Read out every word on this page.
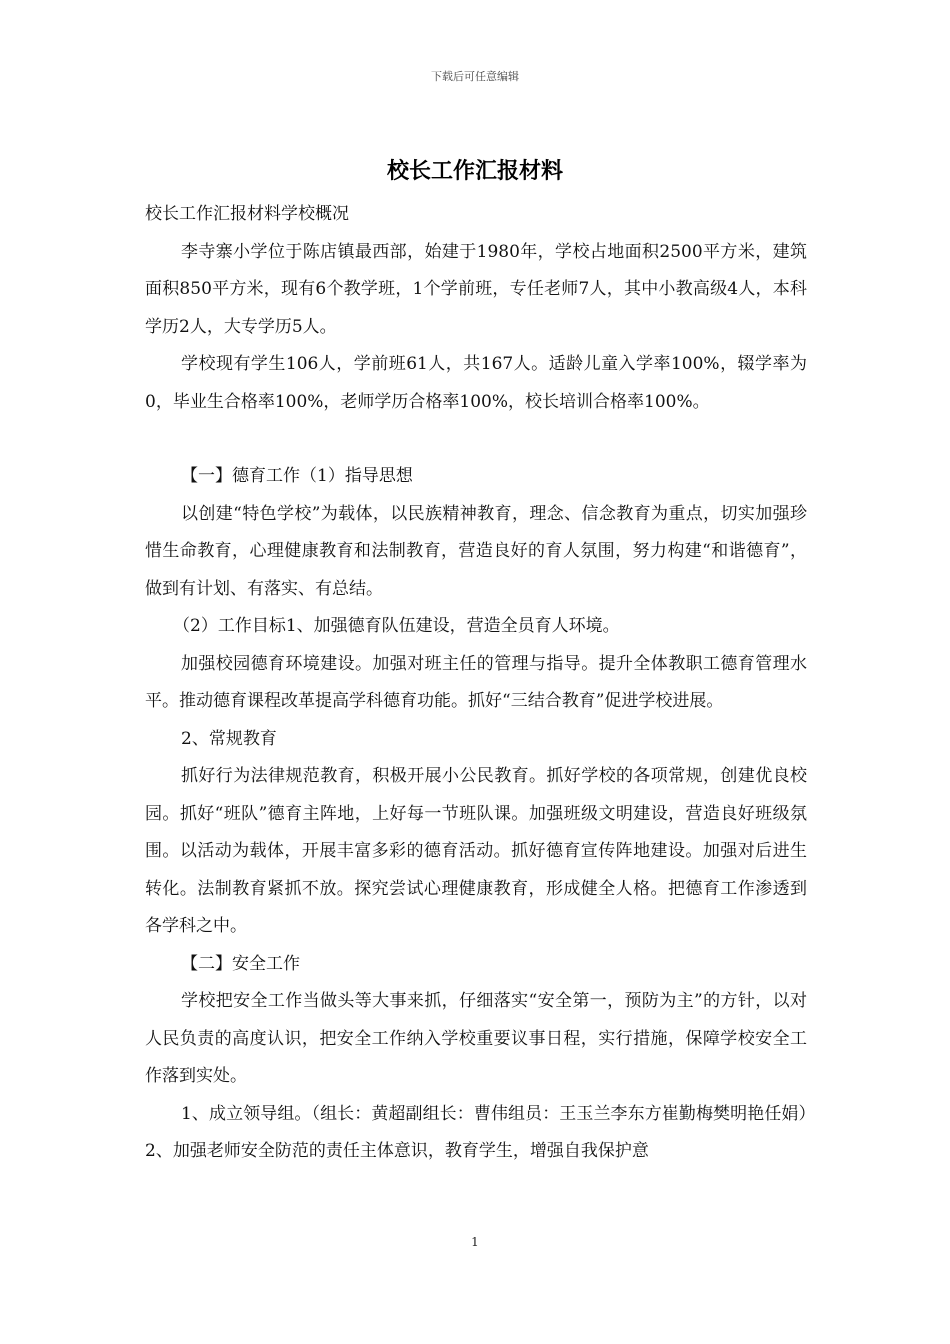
下载后可任意编辑
校长工作汇报材料

校长工作汇报材料学校概况

李寺寨小学位于陈店镇最西部，始建于1980年，学校占地面积2500平方米，建筑面积850平方米，现有6个教学班，1个学前班，专任老师7人，其中小教高级4人，本科学历2人，大专学历5人。

学校现有学生106人，学前班61人，共167人。适龄儿童入学率100%，辍学率为0，毕业生合格率100%，老师学历合格率100%，校长培训合格率100%。

【一】德育工作（1）指导思想

以创建“特色学校”为载体，以民族精神教育，理念、信念教育为重点，切实加强珍惜生命教育，心理健康教育和法制教育，营造良好的育人氛围，努力构建“和谐德育”，做到有计划、有落实、有总结。

（2）工作目标1、加强德育队伍建设，营造全员育人环境。

加强校园德育环境建设。加强对班主任的管理与指导。提升全体教职工德育管理水平。推动德育课程改革提高学科德育功能。抓好“三结合教育”促进学校进展。

2、常规教育

抓好行为法律规范教育，积极开展小公民教育。抓好学校的各项常规，创建优良校园。抓好“班队”德育主阵地，上好每一节班队课。加强班级文明建设，营造良好班级氛围。以活动为载体，开展丰富多彩的德育活动。抓好德育宣传阵地建设。加强对后进生转化。法制教育紧抓不放。探究尝试心理健康教育，形成健全人格。把德育工作渗透到各学科之中。

【二】安全工作

学校把安全工作当做头等大事来抓，仔细落实“安全第一，预防为主”的方针，以对人民负责的高度认识，把安全工作纳入学校重要议事日程，实行措施，保障学校安全工作落到实处。

1、成立领导组。（组长：黄超副组长：曹伟组员：王玉兰李东方崔勤梅樊明艳任娟）2、加强老师安全防范的责任主体意识，教育学生，增强自我保护意

1
